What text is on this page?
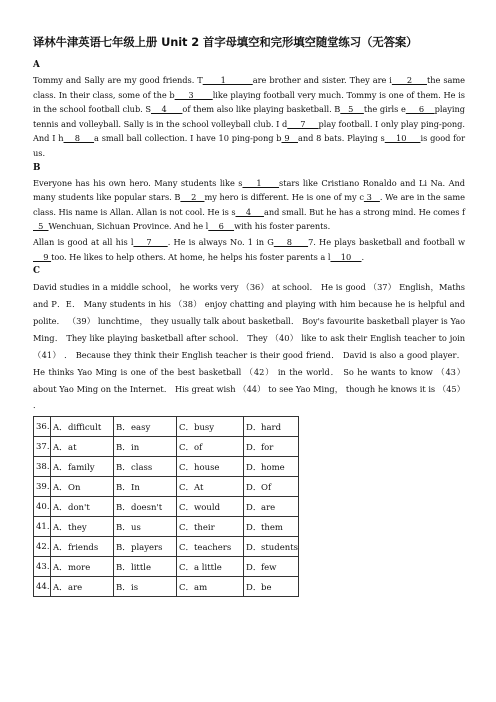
译林牛津英语七年级上册 Unit 2 首字母填空和完形填空随堂练习（无答案）
A
Tommy and Sally are my good friends. T      1         are brother and sister. They are i     2     the same class. In their class, some of the b     3       like playing football very much. Tommy is one of them. He is in the school football club. S    4      of them also like playing basketball. B   5    the girls e     6    playing tennis and volleyball. Sally is in the school volleyball club. I d     7     play football. I only play ping-pong. And I h    8     a small ball collection. I have 10 ping-pong b 9   and 8 bats. Playing s    10     is good for us.
B
Everyone has his own hero. Many students like s    1     stars like Cristiano Ronaldo and Li Na. And many students like popular stars. B    2   my hero is different. He is one of my c 3   . We are in the same class. His name is Allan. Allan is not cool. He is s    4     and small. But he has a strong mind. He comes f  5  Wenchuan, Sichuan Province. And he l    6    with his foster parents.
Allan is good at all his l    7     . He is always No. 1 in G    8     7. He plays basketball and football w    9 too. He likes to help others. At home, he helps his foster parents a l    10    .
C
David studies in a middle school， he works very （36） at school． He is good （37） English，Maths and P．E． Many students in his （38） enjoy chatting and playing with him because he is helpful and polite． （39） lunchtime， they usually talk about basketball． Boy's favourite basketball player is Yao Ming． They like playing basketball after school． They （40） like to ask their English teacher to join （41） ． Because they think their English teacher is their good friend． David is also a good player． He thinks Yao Ming is one of the best basketball （42） in the world． So he wants to know （43） about Yao Ming on the Internet． His great wish （44） to see Yao Ming， though he knows it is （45） ．
36.	A．difficult	B．easy	C．busy	D．hard
37.	A．at	B．in	C．of	D．for
38.	A．family	B．class	C．house	D．home
39.	A．On	B．In	C．At	D．Of
40.	A．don't	B．doesn't	C．would	D．are
41.	A．they	B．us	C．their	D．them
42.	A．friends	B．players	C．teachers	D．students
43.	A．more	B．little	C．a little	D．few
44.	A．are	B．is	C．am	D．be
